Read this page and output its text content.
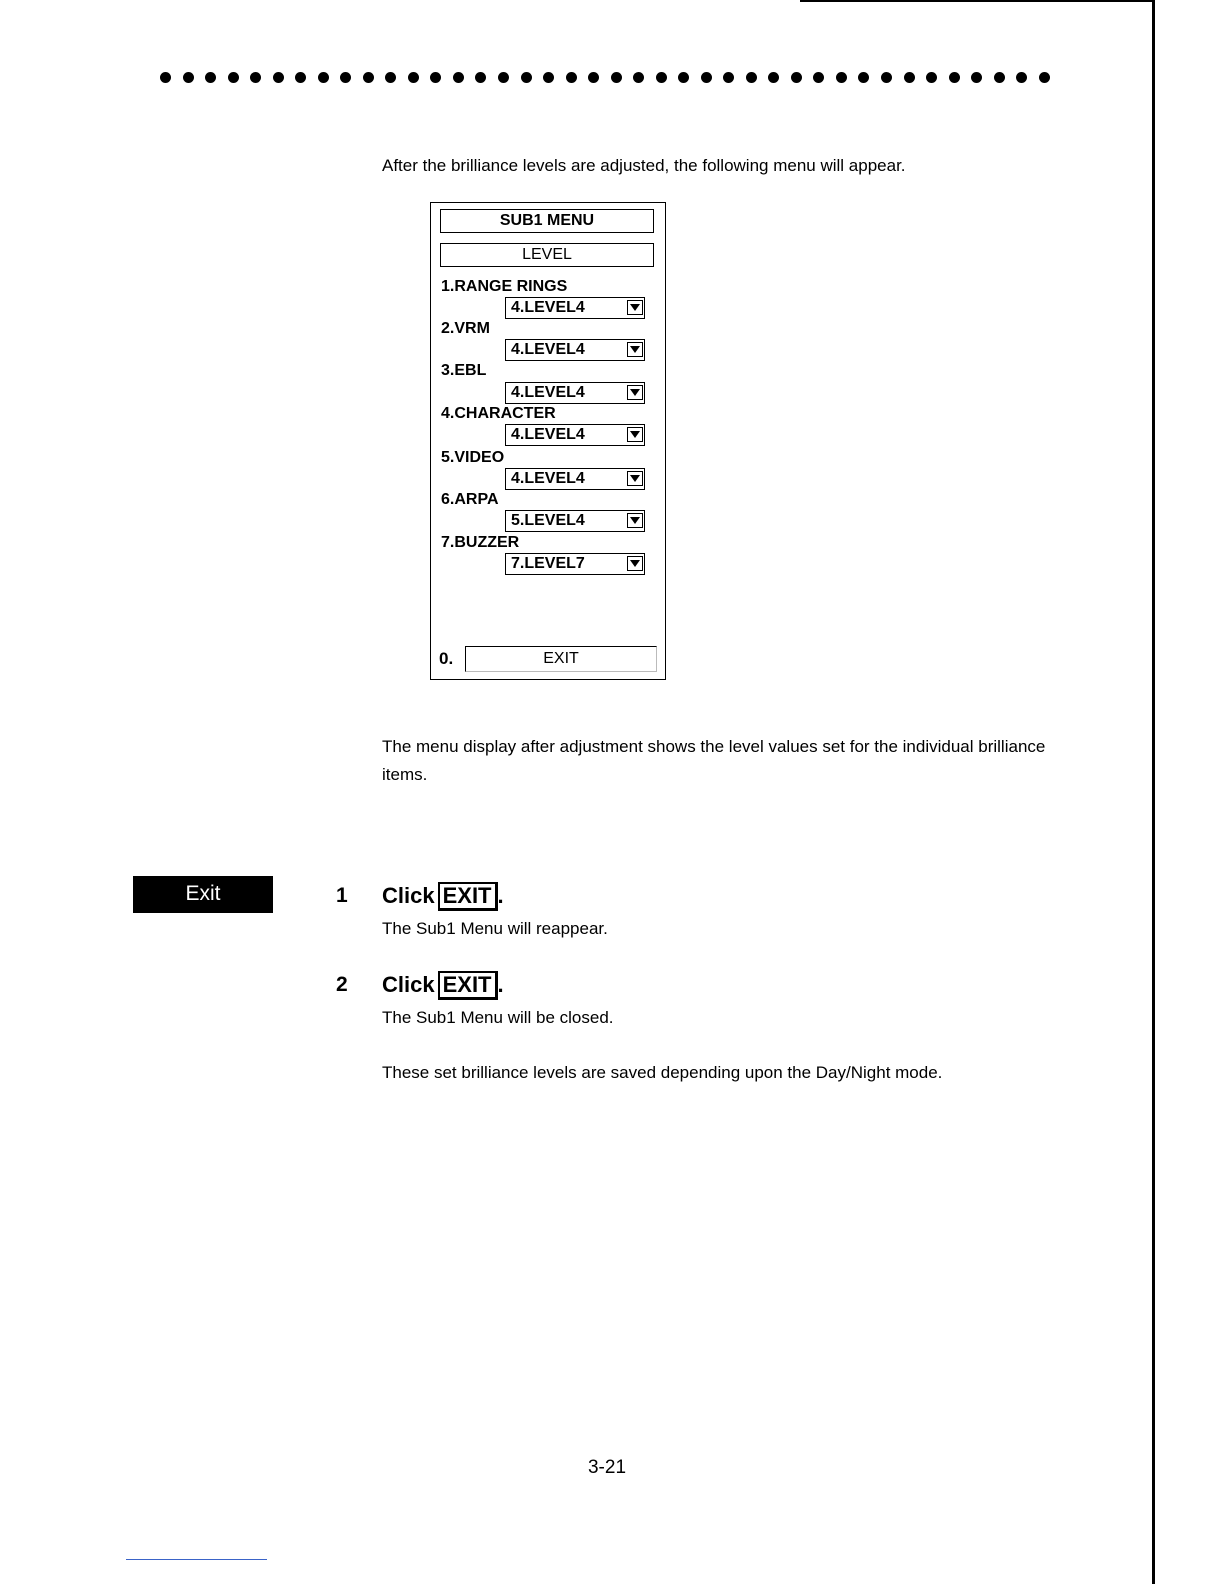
After the brilliance levels are adjusted, the following menu will appear.

SUB1 MENU
LEVEL
1.RANGE RINGS
4.LEVEL4
2.VRM
4.LEVEL4
3.EBL
4.LEVEL4
4.CHARACTER
4.LEVEL4
5.VIDEO
4.LEVEL4
6.ARPA
5.LEVEL4
7.BUZZER
7.LEVEL7
0.	EXIT

The menu display after adjustment shows the level values set for the individual brilliance items.

Exit	1 Click EXIT .
The Sub1 Menu will reappear.
2 Click EXIT .
The Sub1 Menu will be closed.

These set brilliance levels are saved depending upon the Day/Night mode.

3-21
